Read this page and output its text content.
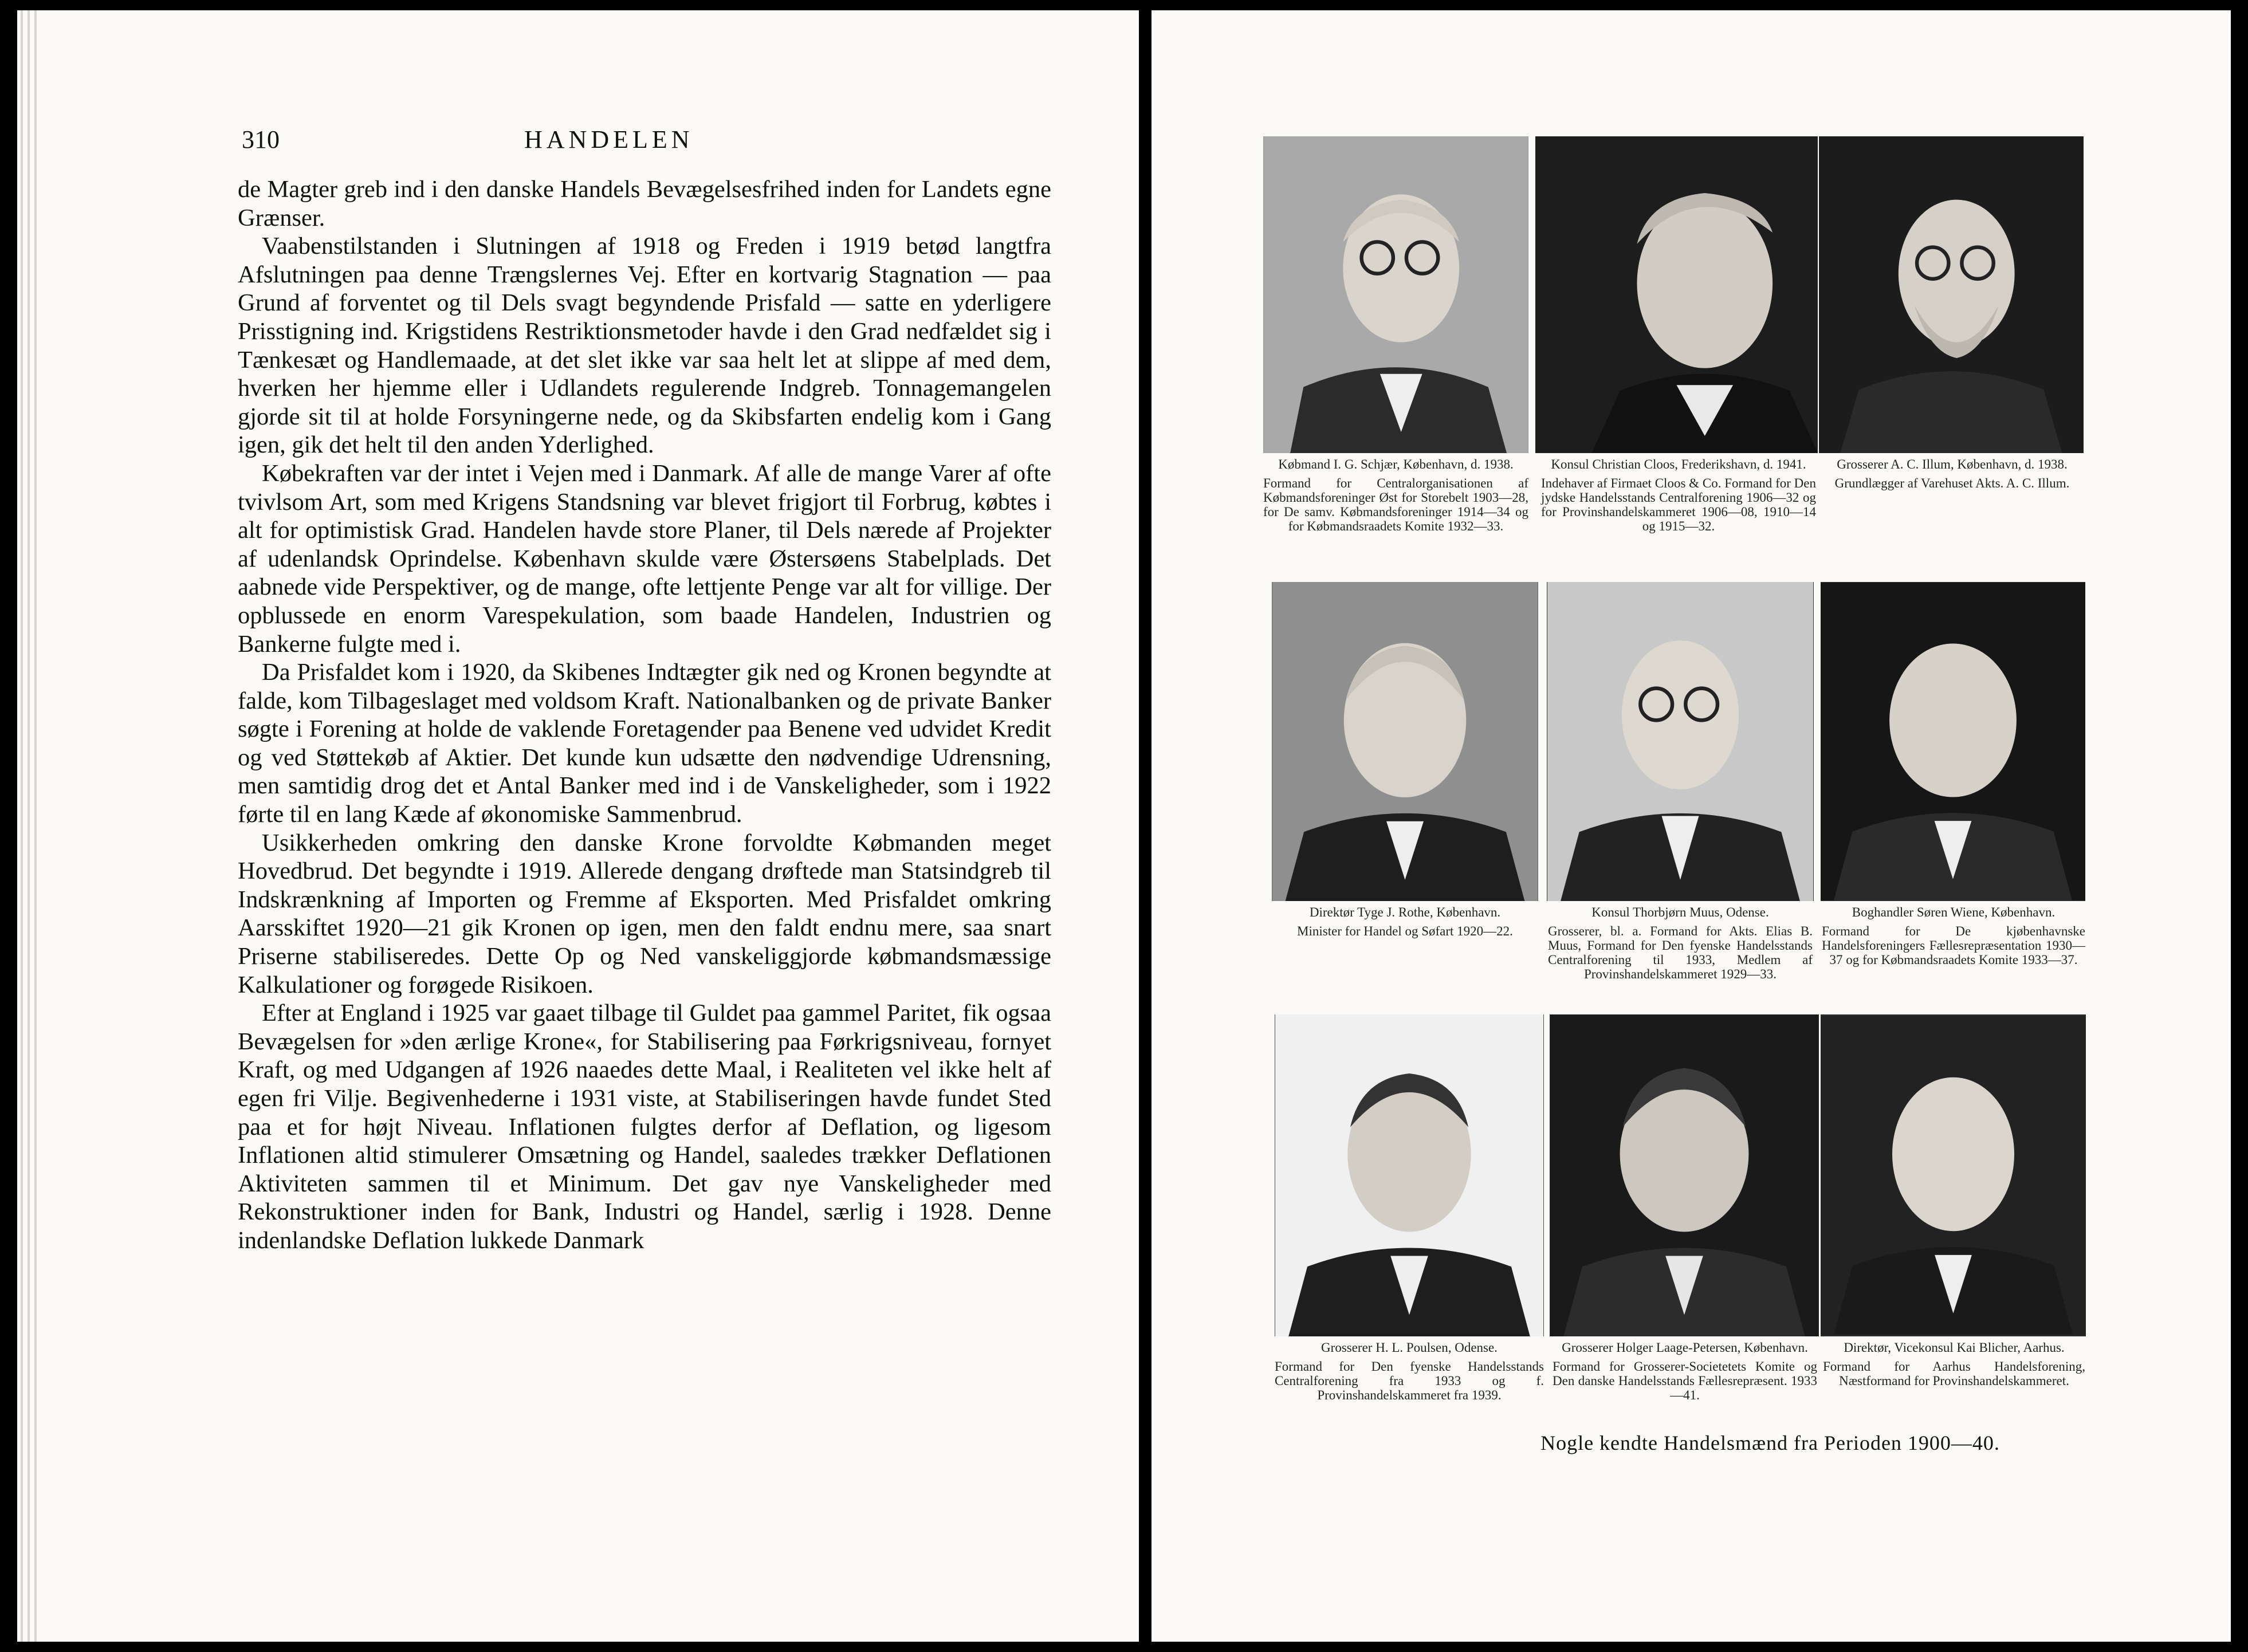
310	HANDELEN

de Magter greb ind i den danske Handels Bevægelsesfrihed inden for Landets egne Grænser.

Vaabenstilstanden i Slutningen af 1918 og Freden i 1919 betød langtfra Afslutningen paa denne Trængslernes Vej. Efter en kortvarig Stagnation — paa Grund af forventet og til Dels svagt begyndende Prisfald — satte en yderligere Prisstigning ind. Krigstidens Restriktionsmetoder havde i den Grad nedfældet sig i Tænkesæt og Handlemaade, at det slet ikke var saa helt let at slippe af med dem, hverken her hjemme eller i Udlandets regulerende Indgreb. Tonnagemangelen gjorde sit til at holde Forsyningerne nede, og da Skibsfarten endelig kom i Gang igen, gik det helt til den anden Yderlighed.

Købekraften var der intet i Vejen med i Danmark. Af alle de mange Varer af ofte tvivlsom Art, som med Krigens Standsning var blevet frigjort til Forbrug, købtes i alt for optimistisk Grad. Handelen havde store Planer, til Dels nærede af Projekter af udenlandsk Oprindelse. København skulde være Østersøens Stabelplads. Det aabnede vide Perspektiver, og de mange, ofte lettjente Penge var alt for villige. Der opblussede en enorm Varespekulation, som baade Handelen, Industrien og Bankerne fulgte med i.

Da Prisfaldet kom i 1920, da Skibenes Indtægter gik ned og Kronen begyndte at falde, kom Tilbageslaget med voldsom Kraft. Nationalbanken og de private Banker søgte i Forening at holde de vaklende Foretagender paa Benene ved udvidet Kredit og ved Støttekøb af Aktier. Det kunde kun udsætte den nødvendige Udrensning, men samtidig drog det et Antal Banker med ind i de Vanskeligheder, som i 1922 førte til en lang Kæde af økonomiske Sammenbrud.

Usikkerheden omkring den danske Krone forvoldte Købmanden meget Hovedbrud. Det begyndte i 1919. Allerede dengang drøftede man Statsindgreb til Indskrænkning af Importen og Fremme af Eksporten. Med Prisfaldet omkring Aarsskiftet 1920—21 gik Kronen op igen, men den faldt endnu mere, saa snart Priserne stabiliseredes. Dette Op og Ned vanskeliggjorde købmandsmæssige Kalkulationer og forøgede Risikoen.

Efter at England i 1925 var gaaet tilbage til Guldet paa gammel Paritet, fik ogsaa Bevægelsen for »den ærlige Krone«, for Stabilisering paa Førkrigsniveau, fornyet Kraft, og med Udgangen af 1926 naaedes dette Maal, i Realiteten vel ikke helt af egen fri Vilje. Begivenhederne i 1931 viste, at Stabiliseringen havde fundet Sted paa et for højt Niveau. Inflationen fulgtes derfor af Deflation, og ligesom Inflationen altid stimulerer Omsætning og Handel, saaledes trækker Deflationen Aktiviteten sammen til et Minimum. Det gav nye Vanskeligheder med Rekonstruktioner inden for Bank, Industri og Handel, særlig i 1928. Denne indenlandske Deflation lukkede Danmark

Købmand I. G. Schjær, København, d. 1938.
Formand for Centralorganisationen af Købmandsforeninger Øst for Storebelt 1903—28, for De samv. Købmandsforeninger 1914—34 og for Købmandsraadets Komite 1932—33.
Konsul Christian Cloos, Frederikshavn, d. 1941.
Indehaver af Firmaet Cloos & Co. Formand for Den jydske Handelsstands Centralforening 1906—32 og for Provinshandelskammeret 1906—08, 1910—14 og 1915—32.
Grosserer A. C. Illum, København, d. 1938.
Grundlægger af Varehuset Akts. A. C. Illum.
Direktør Tyge J. Rothe, København.
Minister for Handel og Søfart 1920—22.
Konsul Thorbjørn Muus, Odense.
Grosserer, bl. a. Formand for Akts. Elias B. Muus, Formand for Den fyenske Handelsstands Centralforening til 1933, Medlem af Provinshandelskammeret 1929—33.
Boghandler Søren Wiene, København.
Formand for De kjøbenhavnske Handelsforeningers Fællesrepræsentation 1930—37 og for Købmandsraadets Komite 1933—37.
Grosserer H. L. Poulsen, Odense.
Formand for Den fyenske Handelsstands Centralforening fra 1933 og f. Provinshandelskammeret fra 1939.
Grosserer Holger Laage-Petersen, København.
Formand for Grosserer-Societetets Komite og Den danske Handelsstands Fællesrepræsent. 1933—41.
Direktør, Vicekonsul Kai Blicher, Aarhus.
Formand for Aarhus Handelsforening, Næstformand for Provinshandelskammeret.
Nogle kendte Handelsmænd fra Perioden 1900—40.
